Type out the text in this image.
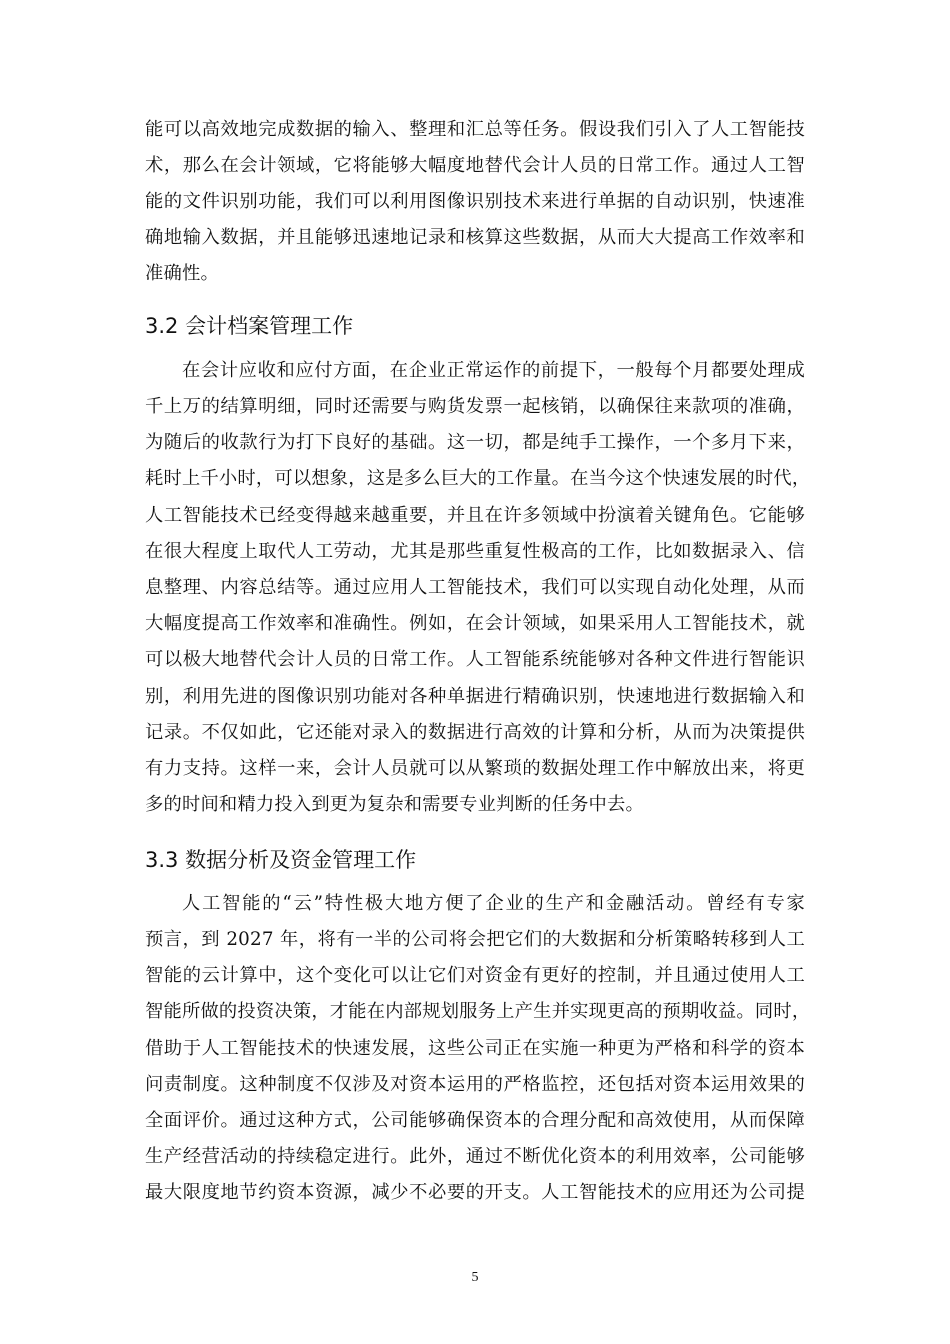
能可以高效地完成数据的输入、整理和汇总等任务。假设我们引入了人工智能技
术，那么在会计领域，它将能够大幅度地替代会计人员的日常工作。通过人工智
能的文件识别功能，我们可以利用图像识别技术来进行单据的自动识别，快速准
确地输入数据，并且能够迅速地记录和核算这些数据，从而大大提高工作效率和
准确性。
3.2 会计档案管理工作
在会计应收和应付方面，在企业正常运作的前提下，一般每个月都要处理成
千上万的结算明细，同时还需要与购货发票一起核销，以确保往来款项的准确，
为随后的收款行为打下良好的基础。这一切，都是纯手工操作，一个多月下来，
耗时上千小时，可以想象，这是多么巨大的工作量。在当今这个快速发展的时代，
人工智能技术已经变得越来越重要，并且在许多领域中扮演着关键角色。它能够
在很大程度上取代人工劳动，尤其是那些重复性极高的工作，比如数据录入、信
息整理、内容总结等。通过应用人工智能技术，我们可以实现自动化处理，从而
大幅度提高工作效率和准确性。例如，在会计领域，如果采用人工智能技术，就
可以极大地替代会计人员的日常工作。人工智能系统能够对各种文件进行智能识
别，利用先进的图像识别功能对各种单据进行精确识别，快速地进行数据输入和
记录。不仅如此，它还能对录入的数据进行高效的计算和分析，从而为决策提供
有力支持。这样一来，会计人员就可以从繁琐的数据处理工作中解放出来，将更
多的时间和精力投入到更为复杂和需要专业判断的任务中去。
3.3 数据分析及资金管理工作
人工智能的“云”特性极大地方便了企业的生产和金融活动。曾经有专家
预言，到 2027 年，将有一半的公司将会把它们的大数据和分析策略转移到人工
智能的云计算中，这个变化可以让它们对资金有更好的控制，并且通过使用人工
智能所做的投资决策，才能在内部规划服务上产生并实现更高的预期收益。同时，
借助于人工智能技术的快速发展，这些公司正在实施一种更为严格和科学的资本
问责制度。这种制度不仅涉及对资本运用的严格监控，还包括对资本运用效果的
全面评价。通过这种方式，公司能够确保资本的合理分配和高效使用，从而保障
生产经营活动的持续稳定进行。此外，通过不断优化资本的利用效率，公司能够
最大限度地节约资本资源，减少不必要的开支。人工智能技术的应用还为公司提
5
